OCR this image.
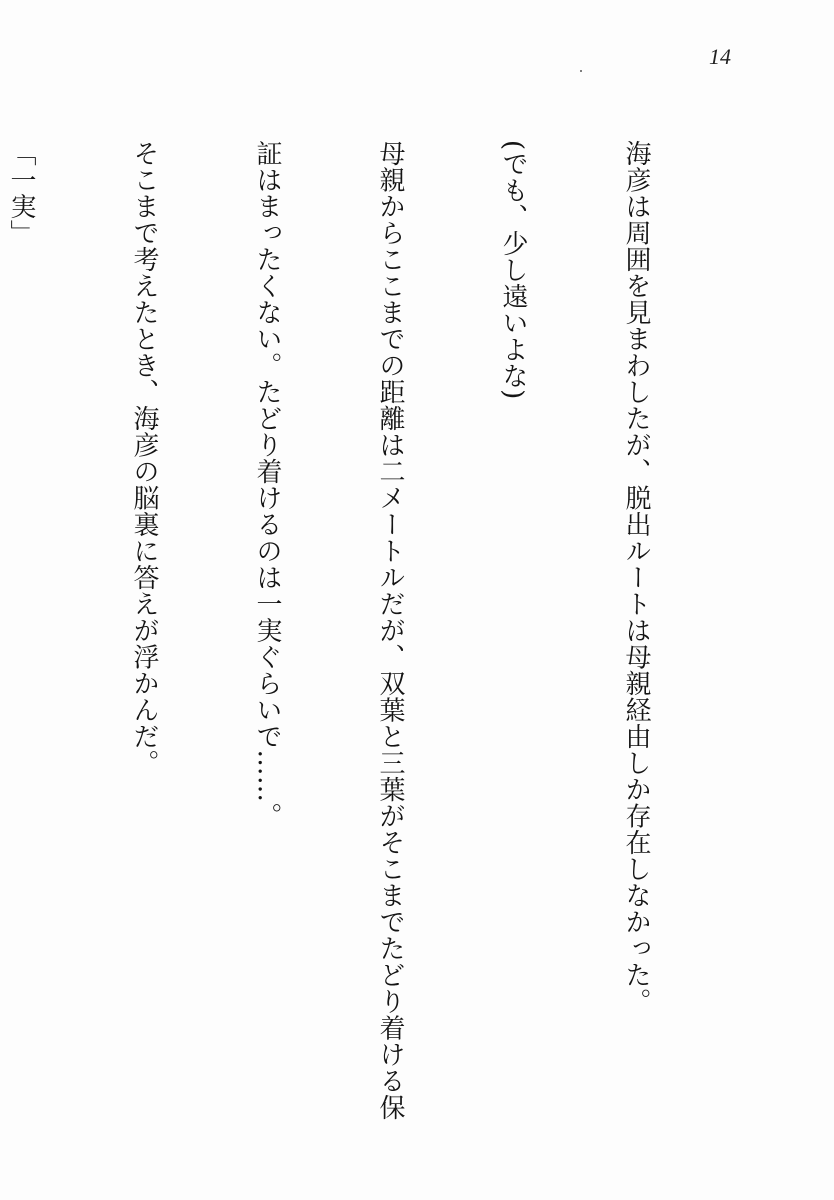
14

海彦は周囲を見まわしたが、脱出ルートは母親経由しか存在しなかった。

(でも、少し遠いよな)

母親からここまでの距離は二メートルだが、双葉と三葉がそこまでたどり着ける保

証はまったくない。たどり着けるのは一実ぐらいで……。

そこまで考えたとき、海彦の脳裏に答えが浮かんだ。

「一実」
